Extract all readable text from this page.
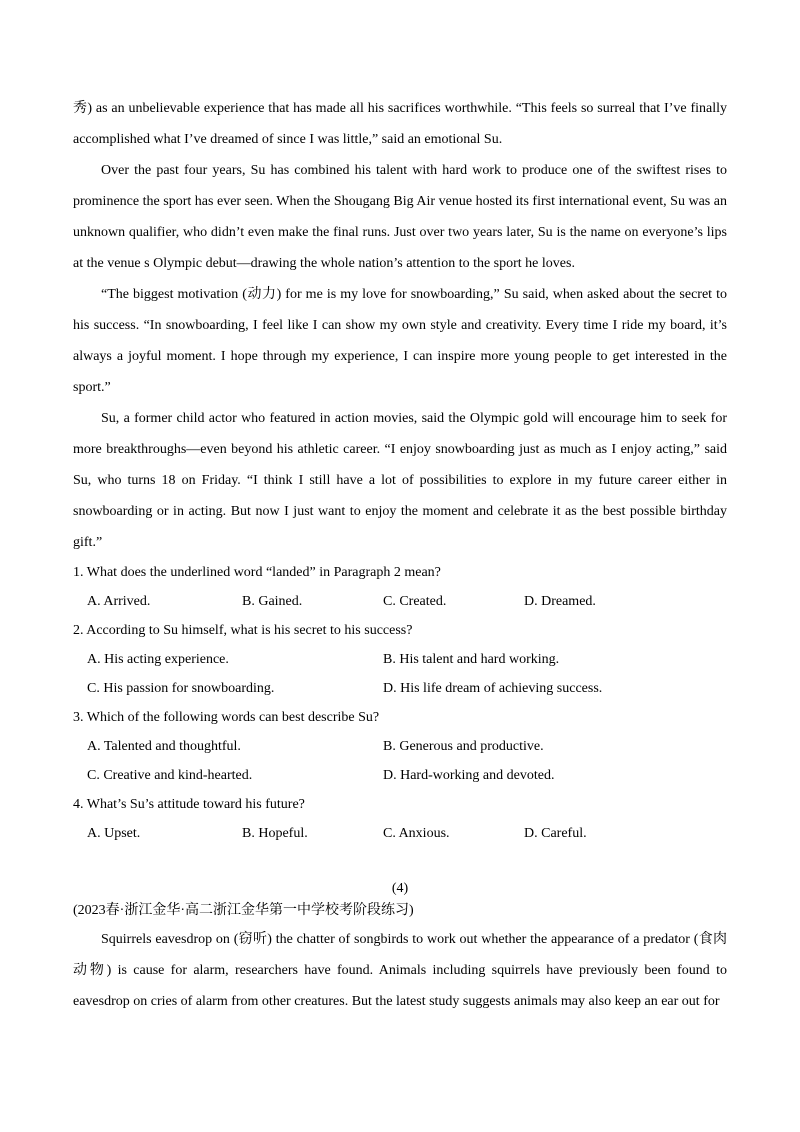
秀) as an unbelievable experience that has made all his sacrifices worthwhile. “This feels so surreal that I’ve finally accomplished what I’ve dreamed of since I was little,” said an emotional Su.

Over the past four years, Su has combined his talent with hard work to produce one of the swiftest rises to prominence the sport has ever seen. When the Shougang Big Air venue hosted its first international event, Su was an unknown qualifier, who didn’t even make the final runs. Just over two years later, Su is the name on everyone’s lips at the venue s Olympic debut—drawing the whole nation’s attention to the sport he loves.

“The biggest motivation (动力) for me is my love for snowboarding,” Su said, when asked about the secret to his success. “In snowboarding, I feel like I can show my own style and creativity. Every time I ride my board, it’s always a joyful moment. I hope through my experience, I can inspire more young people to get interested in the sport.”

Su, a former child actor who featured in action movies, said the Olympic gold will encourage him to seek for more breakthroughs—even beyond his athletic career. “I enjoy snowboarding just as much as I enjoy acting,” said Su, who turns 18 on Friday. “I think I still have a lot of possibilities to explore in my future career either in snowboarding or in acting. But now I just want to enjoy the moment and celebrate it as the best possible birthday gift.”

1. What does the underlined word “landed” in Paragraph 2 mean?

A. Arrived.	B. Gained.	C. Created.	D. Dreamed.

2. According to Su himself, what is his secret to his success?

A. His acting experience.	B. His talent and hard working.
C. His passion for snowboarding.	D. His life dream of achieving success.

3. Which of the following words can best describe Su?

A. Talented and thoughtful.	B. Generous and productive.
C. Creative and kind-hearted.	D. Hard-working and devoted.

4. What’s Su’s attitude toward his future?

A. Upset.	B. Hopeful.	C. Anxious.	D. Careful.
(4)

(2023春·浙江金华·高二浙江金华第一中学校考阶段练习)

Squirrels eavesdrop on (窃听) the chatter of songbirds to work out whether the appearance of a predator (食肉动物) is cause for alarm, researchers have found. Animals including squirrels have previously been found to eavesdrop on cries of alarm from other creatures. But the latest study suggests animals may also keep an ear out for
